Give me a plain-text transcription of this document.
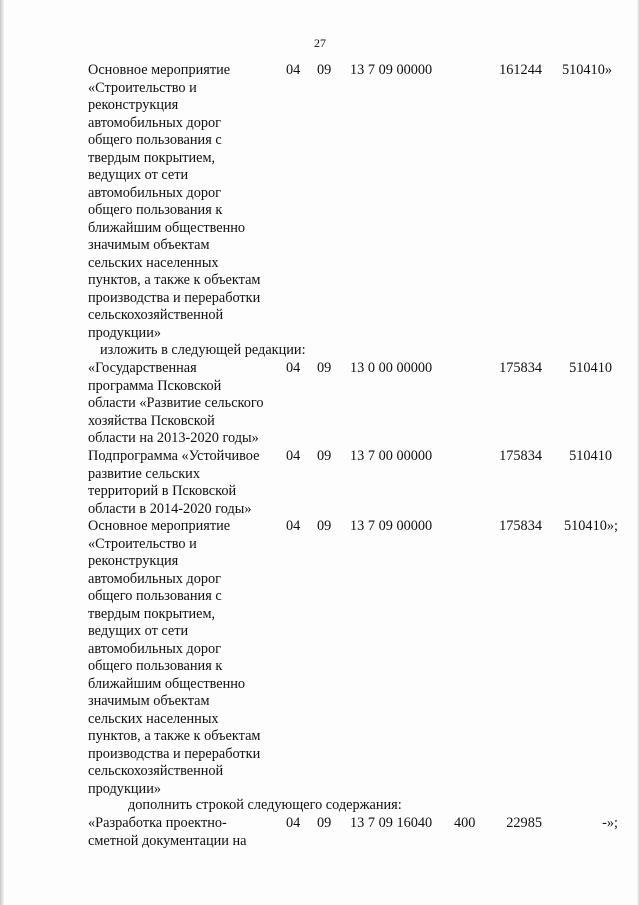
27
Основное мероприятие
«Строительство и
реконструкция
автомобильных дорог
общего пользования с
твердым покрытием,
ведущих от сети
автомобильных дорог
общего пользования к
ближайшим общественно
значимым объектам
сельских населенных
пунктов, а также к объектам
производства и переработки
сельскохозяйственной
продукции»
04 09 13 7 09 00000	161244	510410»
изложить в следующей редакции:
«Государственная
программа Псковской
области «Развитие сельского
хозяйства Псковской
области на 2013-2020 годы»
04 09 13 0 00 00000	175834	510410
Подпрограмма «Устойчивое
развитие сельских
территорий в Псковской
области в 2014-2020 годы»
04 09 13 7 00 00000	175834	510410
Основное мероприятие
«Строительство и
реконструкция
автомобильных дорог
общего пользования с
твердым покрытием,
ведущих от сети
автомобильных дорог
общего пользования к
ближайшим общественно
значимым объектам
сельских населенных
пунктов, а также к объектам
производства и переработки
сельскохозяйственной
продукции»
04 09 13 7 09 00000	175834	510410»;
дополнить строкой следующего содержания:
«Разработка проектно-
сметной документации на
04 09 13 7 09 16040 400	22985	-»;
